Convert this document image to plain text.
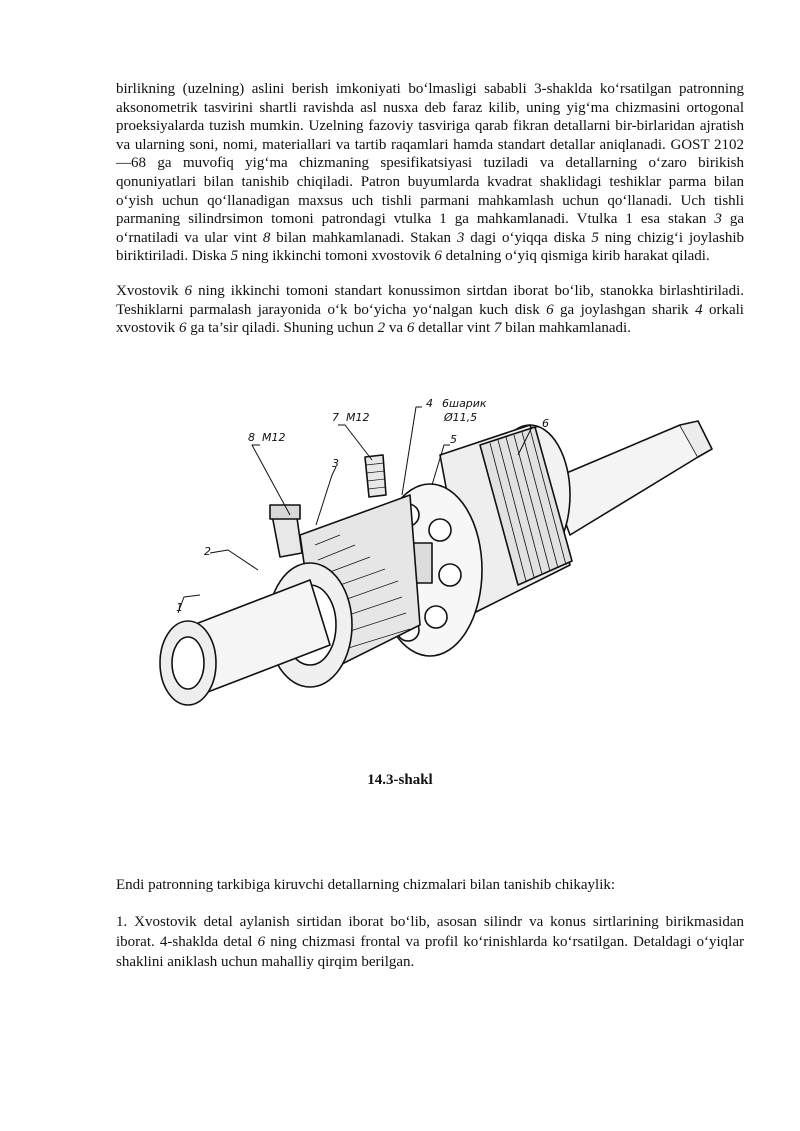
birlikning (uzelning) aslini berish imkoniyati bo‘lmasligi sababli 3-shaklda ko‘rsatilgan patronning aksonometrik tasvirini shartli ravishda asl nusxa deb faraz kilib, uning yig‘ma chizmasini ortogonal proeksiyalarda tuzish mumkin. Uzelning fazoviy tasviriga qarab fikran detallarni bir-birlaridan ajratish va ularning soni, nomi, materiallari va tartib raqamlari hamda standart detallar aniqlanadi. GOST 2102—68 ga muvofiq yig‘ma chizmaning spesifikatsiyasi tuziladi va detallarning o‘zaro birikish qonuniyatlari bilan tanishib chiqiladi. Patron buyumlarda kvadrat shaklidagi teshiklar parma bilan o‘yish uchun qo‘llanadigan maxsus uch tishli parmani mahkamlash uchun qo‘llanadi. Uch tishli parmaning silindrsimon tomoni patrondagi vtulka 1 ga mahkamlanadi. Vtulka 1 esa stakan 3 ga o‘rnatiladi va ular vint 8 bilan mahkamlanadi. Stakan 3 dagi o‘yiqqa diska 5 ning chizig‘i joylashib biriktiriladi. Diska 5 ning ikkinchi tomoni xvostovik 6 detalning o‘yiq qismiga kirib harakat qiladi.

Xvostovik 6 ning ikkinchi tomoni standart konussimon sirtdan iborat bo‘lib, stanokka birlashtiriladi. Teshiklarni parmalash jarayonida o‘k bo‘yicha yo‘nalgan kuch disk 6 ga joylashgan sharik 4 orkali xvostovik 6 ga ta’sir qiladi. Shuning uchun 2 va 6 detallar vint 7 bilan mahkamlanadi.

1
2
3
4
5
6
7
8
M12
M12
6шарик
Ø11,5
14.3-shakl

Endi patronning tarkibiga kiruvchi detallarning chizmalari bilan tanishib chikaylik:

1. Xvostovik detal aylanish sirtidan iborat bo‘lib, asosan silindr va konus sirtlarining birikmasidan iborat. 4-shaklda detal 6 ning chizmasi frontal va profil ko‘rinishlarda ko‘rsatilgan. Detaldagi o‘yiqlar shaklini aniklash uchun mahalliy qirqim berilgan.
